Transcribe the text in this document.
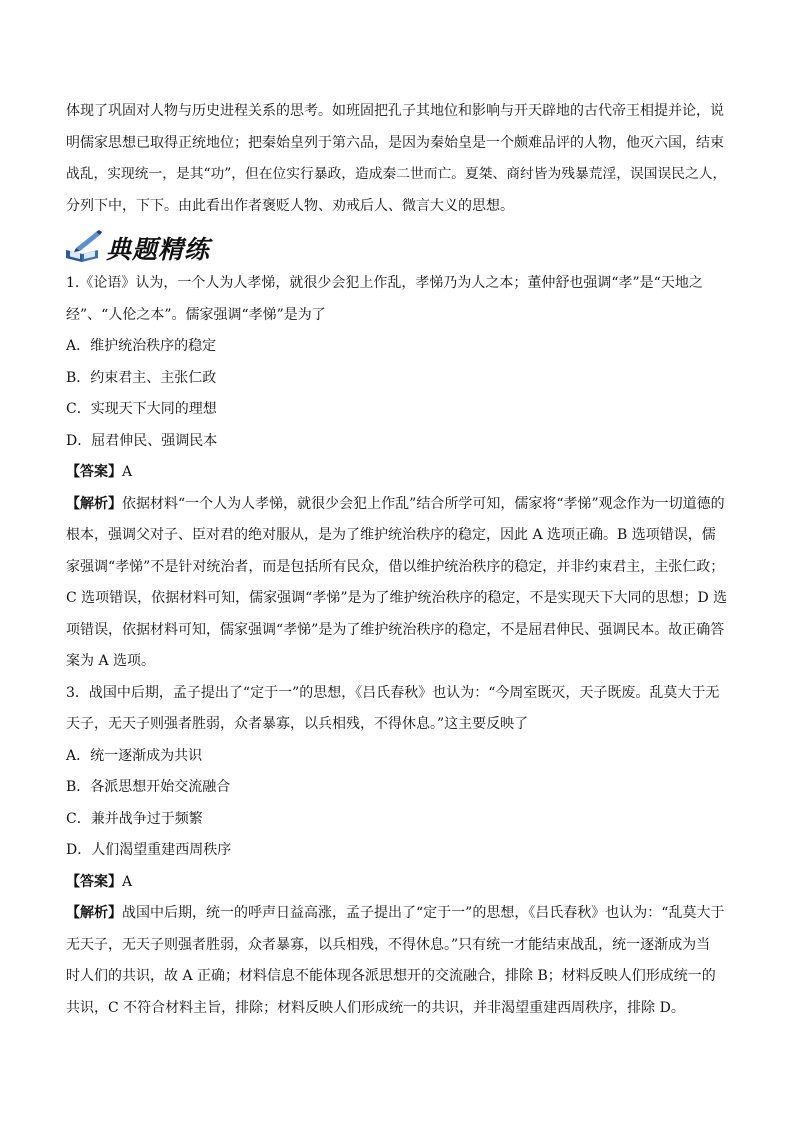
体现了巩固对人物与历史进程关系的思考。如班固把孔子其地位和影响与开天辟地的古代帝王相提并论，说
明儒家思想已取得正统地位；把秦始皇列于第六品，是因为秦始皇是一个颇难品评的人物，他灭六国，结束
战乱，实现统一，是其“功”，但在位实行暴政，造成秦二世而亡。夏桀、商纣皆为残暴荒淫，误国误民之人，
分列下中，下下。由此看出作者褒贬人物、劝戒后人、微言大义的思想。
典题精练
1.《论语》认为，一个人为人孝悌，就很少会犯上作乱，孝悌乃为人之本；董仲舒也强调“孝”是“天地之
经”、“人伦之本”。儒家强调“孝悌”是为了
A．维护统治秩序的稳定
B．约束君主、主张仁政
C．实现天下大同的理想
D．屈君伸民、强调民本
【答案】A
【解析】依据材料“一个人为人孝悌，就很少会犯上作乱”结合所学可知，儒家将“孝悌”观念作为一切道德的
根本，强调父对子、臣对君的绝对服从，是为了维护统治秩序的稳定，因此 A 选项正确。B 选项错误，儒
家强调“孝悌”不是针对统治者，而是包括所有民众，借以维护统治秩序的稳定，并非约束君主，主张仁政；
C 选项错误，依据材料可知，儒家强调“孝悌”是为了维护统治秩序的稳定，不是实现天下大同的思想；D 选
项错误，依据材料可知，儒家强调“孝悌”是为了维护统治秩序的稳定，不是屈君伸民、强调民本。故正确答
案为 A 选项。
3．战国中后期，孟子提出了“定于一”的思想，《吕氏春秋》也认为：“今周室既灭，天子既废。乱莫大于无
天子，无天子则强者胜弱，众者暴寡，以兵相残，不得休息。”这主要反映了
A．统一逐渐成为共识
B．各派思想开始交流融合
C．兼并战争过于频繁
D．人们渴望重建西周秩序
【答案】A
【解析】战国中后期，统一的呼声日益高涨，孟子提出了“定于一”的思想，《吕氏春秋》也认为：“乱莫大于
无天子，无天子则强者胜弱，众者暴寡，以兵相残，不得休息。”只有统一才能结束战乱，统一逐渐成为当
时人们的共识，故 A 正确；材料信息不能体现各派思想开的交流融合，排除 B；材料反映人们形成统一的
共识，C 不符合材料主旨，排除；材料反映人们形成统一的共识，并非渴望重建西周秩序，排除 D。
